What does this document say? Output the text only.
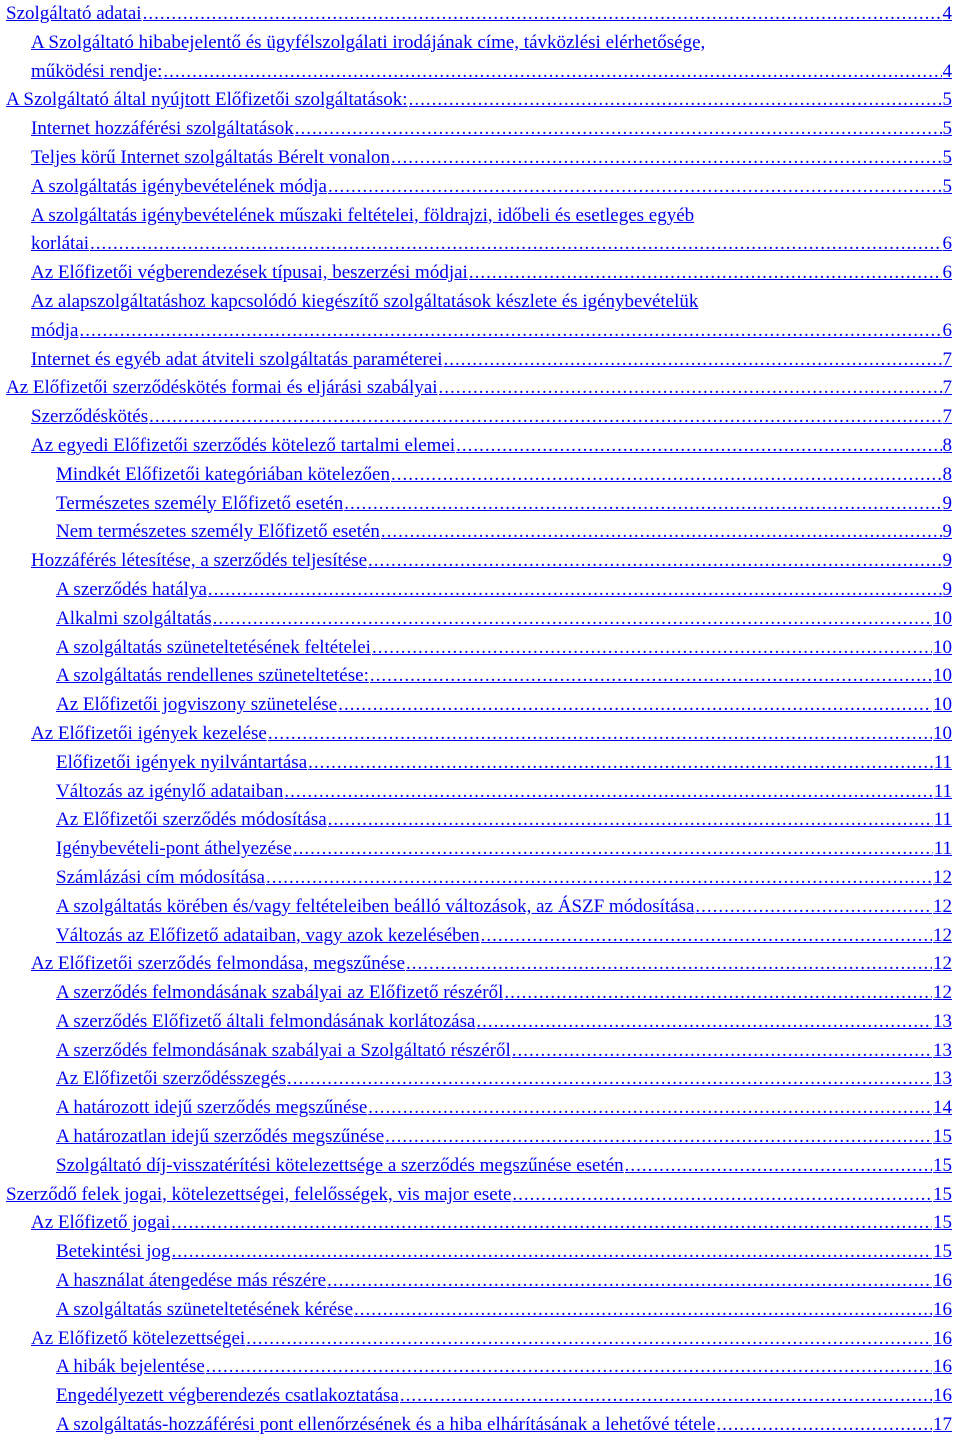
Szolgáltató adatai .....	4
A Szolgáltató hibabejelentő és ügyfélszolgálati irodájának címe, távközlési elérhetősége,
működési rendje: .....	4
A Szolgáltató által nyújtott Előfizetői szolgáltatások: .....	5
Internet hozzáférési szolgáltatások .....	5
Teljes körű Internet szolgáltatás Bérelt vonalon .....	5
A szolgáltatás igénybevételének módja .....	5
A szolgáltatás igénybevételének műszaki feltételei, földrajzi, időbeli és esetleges egyéb
korlátai .....	6
Az Előfizetői végberendezések típusai, beszerzési módjai .....	6
Az alapszolgáltatáshoz kapcsolódó kiegészítő szolgáltatások készlete és igénybevételük
módja .....	6
Internet és egyéb adat átviteli szolgáltatás paraméterei .....	7
Az Előfizetői szerződéskötés formai és eljárási szabályai .....	7
Szerződéskötés .....	7
Az egyedi Előfizetői szerződés kötelező tartalmi elemei .....	8
Mindkét Előfizetői kategóriában kötelezően .....	8
Természetes személy Előfizető esetén .....	9
Nem természetes személy Előfizető esetén .....	9
Hozzáférés létesítése, a szerződés teljesítése .....	9
A szerződés hatálya .....	9
Alkalmi szolgáltatás .....	10
A szolgáltatás szüneteltetésének feltételei .....	10
A szolgáltatás rendellenes szüneteltetése: .....	10
Az Előfizetői jogviszony szünetelése .....	10
Az Előfizetői igények kezelése .....	10
Előfizetői igények nyilvántartása .....	11
Változás az igénylő adataiban .....	11
Az Előfizetői szerződés módosítása .....	11
Igénybevételi-pont áthelyezése .....	11
Számlázási cím módosítása .....	12
A szolgáltatás körében és/vagy feltételeiben beálló változások, az ÁSZF módosítása .....	12
Változás az Előfizető adataiban, vagy azok kezelésében .....	12
Az Előfizetői szerződés felmondása, megszűnése .....	12
A szerződés felmondásának szabályai az Előfizető részéről .....	12
A szerződés Előfizető általi felmondásának korlátozása .....	13
A szerződés felmondásának szabályai a Szolgáltató részéről .....	13
Az Előfizetői szerződésszegés .....	13
A határozott idejű szerződés megszűnése .....	14
A határozatlan idejű szerződés megszűnése .....	15
Szolgáltató díj-visszatérítési kötelezettsége a szerződés megszűnése esetén .....	15
Szerződő felek jogai, kötelezettségei, felelősségek, vis major esete .....	15
Az Előfizető jogai .....	15
Betekintési jog .....	15
A használat átengedése más részére .....	16
A szolgáltatás szüneteltetésének kérése .....	16
Az Előfizető kötelezettségei .....	16
A hibák bejelentése .....	16
Engedélyezett végberendezés csatlakoztatása .....	16
A szolgáltatás-hozzáférési pont ellenőrzésének és a hiba elhárításának a lehetővé tétele .....	17
